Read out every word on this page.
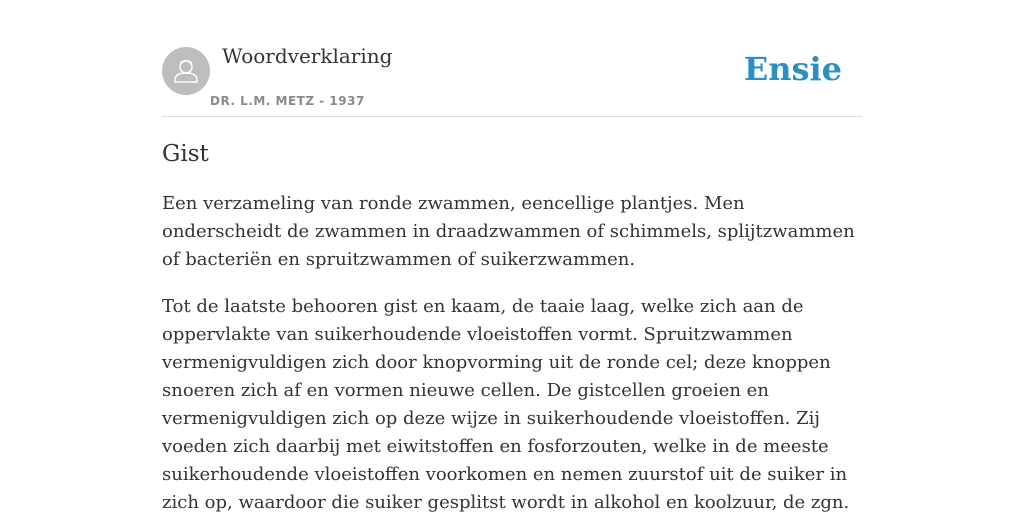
Woordverklaring
DR. L.M. METZ - 1937
Ensie
Gist

Een verzameling van ronde zwammen, eencellige plantjes. Men onderscheidt de zwammen in draadzwammen of schimmels, splijtzwammen of bacteriën en spruitzwammen of suikerzwammen.

Tot de laatste behooren gist en kaam, de taaie laag, welke zich aan de oppervlakte van suikerhoudende vloeistoffen vormt. Spruitzwammen vermenigvuldigen zich door knopvorming uit de ronde cel; deze knoppen snoeren zich af en vormen nieuwe cellen. De gistcellen groeien en vermenigvuldigen zich op deze wijze in suikerhoudende vloeistoffen. Zij voeden zich daarbij met eiwitstoffen en fosforzouten, welke in de meeste suikerhoudende vloeistoffen voorkomen en nemen zuurstof uit de suiker in zich op, waardoor die suiker gesplitst wordt in alkohol en koolzuur, de zgn.
